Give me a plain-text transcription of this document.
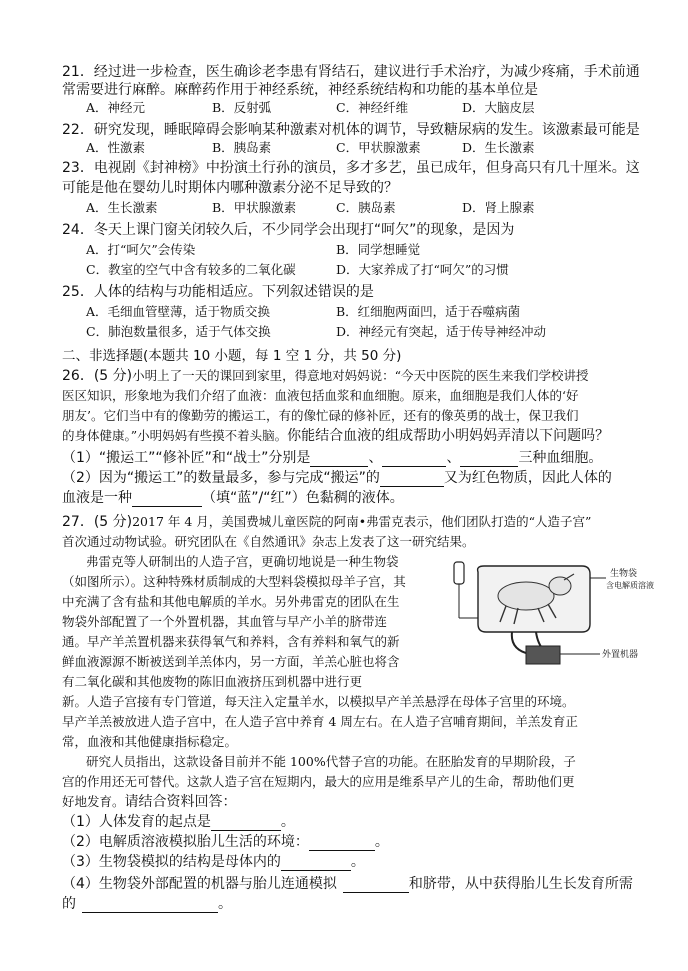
21．经过进一步检查，医生确诊老李患有肾结石，建议进行手术治疗，为减少疼痛，手术前通
常需要进行麻醉。麻醉药作用于神经系统，神经系统结构和功能的基本单位是
A．神经元	B．反射弧	C．神经纤维	D．大脑皮层
22．研究发现，睡眠障碍会影响某种激素对机体的调节，导致糖尿病的发生。该激素最可能是
A．性激素	B．胰岛素	C．甲状腺激素	D．生长激素
23．电视剧《封神榜》中扮演土行孙的演员，多才多艺，虽已成年，但身高只有几十厘米。这
可能是他在婴幼儿时期体内哪种激素分泌不足导致的？
A．生长激素	B．甲状腺激素	C．胰岛素	D．肾上腺素
24．冬天上课门窗关闭较久后，不少同学会出现打“呵欠”的现象，是因为
A．打“呵欠”会传染	B．同学想睡觉
C．教室的空气中含有较多的二氧化碳	D．大家养成了打“呵欠”的习惯
25．人体的结构与功能相适应。下列叙述错误的是
A．毛细血管壁薄，适于物质交换	B．红细胞两面凹，适于吞噬病菌
C．肺泡数量很多，适于气体交换	D．神经元有突起，适于传导神经冲动
二、非选择题(本题共 10 小题，每 1 空 1 分，共 50 分)
26．(5 分)小明上了一天的课回到家里，得意地对妈妈说：“今天中医院的医生来我们学校讲授
医区知识，形象地为我们介绍了血液：血液包括血浆和血细胞。原来，血细胞是我们人体的‘好
朋友’。它们当中有的像勤劳的搬运工，有的像忙碌的修补匠，还有的像英勇的战士，保卫我们
的身体健康。”小明妈妈有些摸不着头脑。你能结合血液的组成帮助小明妈妈弄清以下问题吗？
（1）“搬运工”“修补匠”和“战士”分别是	、	、	三种血细胞。
（2）因为“搬运工”的数量最多，参与完成“搬运”的	又为红色物质，因此人体的
血液是一种	（填“蓝”/“红”）色黏稠的液体。
27．(5 分)2017 年 4 月，美国费城儿童医院的阿南•弗雷克表示，他们团队打造的“人造子宫”
首次通过动物试验。研究团队在《自然通讯》杂志上发表了这一研究结果。
弗雷克等人研制出的人造子宫，更确切地说是一种生物袋
（如图所示）。这种特殊材质制成的大型料袋模拟母羊子宫，其
中充满了含有盐和其他电解质的羊水。另外弗雷克的团队在生
物袋外部配置了一个外置机器，其血管与早产小羊的脐带连
通。早产羊羔置机器来获得氧气和养料，含有养料和氧气的新
鲜血液源源不断被送到羊羔体内，另一方面，羊羔心脏也将含
有二氧化碳和其他废物的陈旧血液挤压到机器中进行更
新。人造子宫接有专门管道，每天注入定量羊水，以模拟早产羊羔悬浮在母体子宫里的环境。
早产羊羔被放进人造子宫中，在人造子宫中养育 4 周左右。在人造子宫哺育期间，羊羔发育正
常，血液和其他健康指标稳定。
研究人员指出，这款设备目前并不能 100%代替子宫的功能。在胚胎发育的早期阶段，子
宫的作用还无可替代。这款人造子宫在短期内，最大的应用是维系早产儿的生命，帮助他们更
好地发育。请结合资料回答：
（1）人体发育的起点是	。
（2）电解质溶液模拟胎儿生活的环境：	。
（3）生物袋模拟的结构是母体内的	。
（4）生物袋外部配置的机器与胎儿连通模拟	和脐带，从中获得胎儿生长发育所需
的	。
生物袋
含电解质溶液
外置机器
